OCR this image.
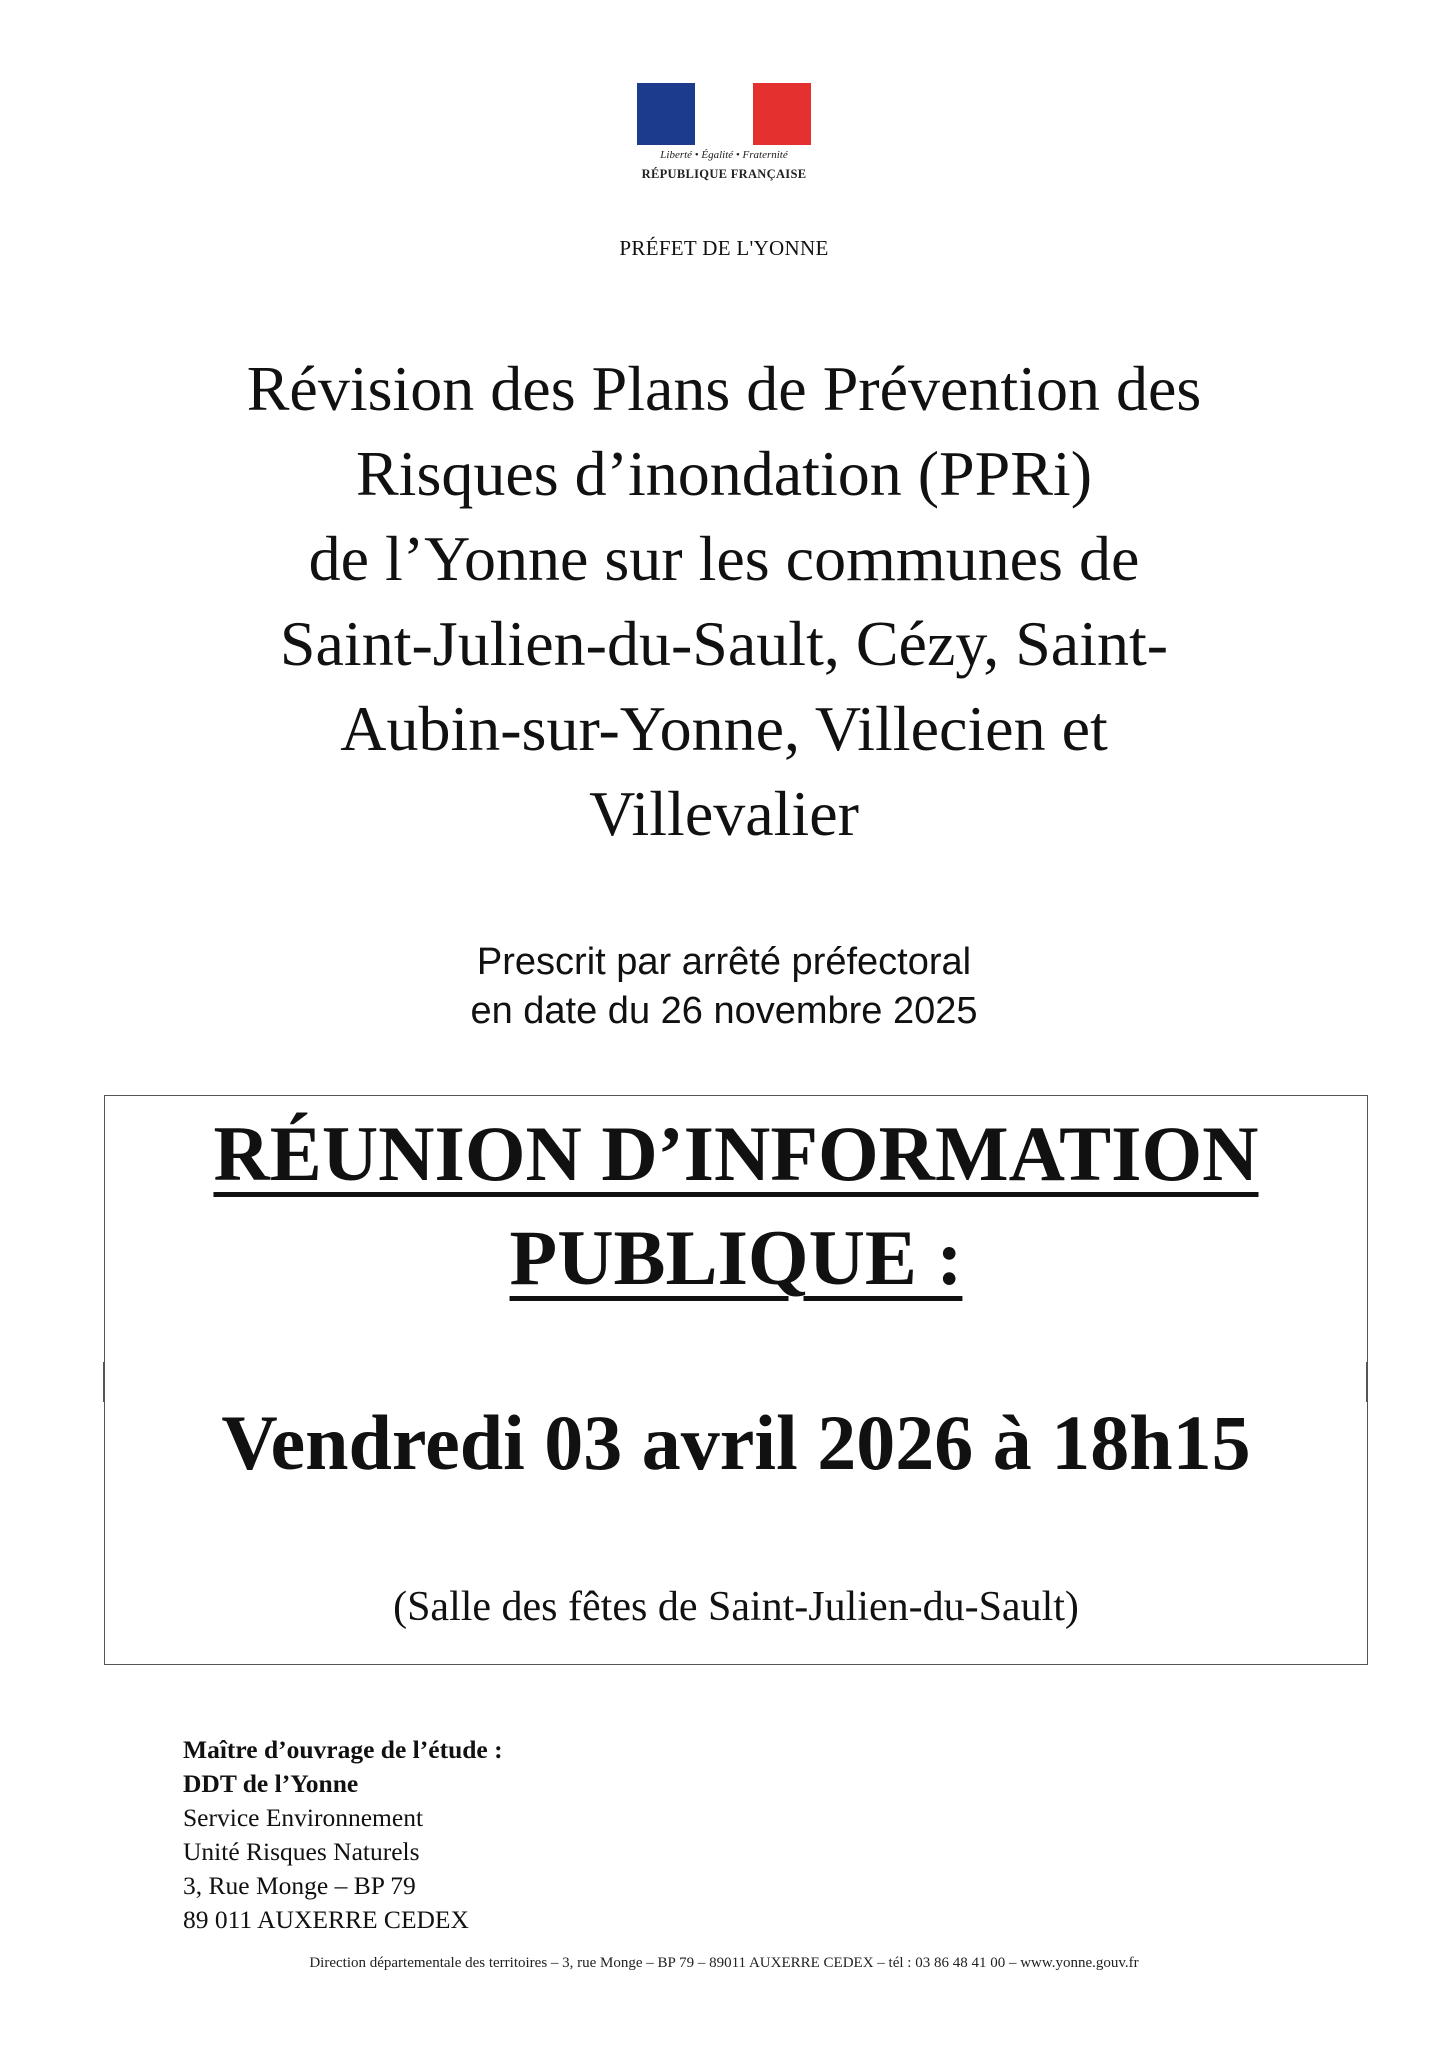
Liberté • Égalité • Fraternité
RÉPUBLIQUE FRANÇAISE
PRÉFET DE L'YONNE
Révision des Plans de Prévention des
Risques d’inondation (PPRi)
de l’Yonne sur les communes de
Saint-Julien-du-Sault, Cézy, Saint-
Aubin-sur-Yonne, Villecien et
Villevalier
Prescrit par arrêté préfectoral
en date du 26 novembre 2025
RÉUNION D’INFORMATION
PUBLIQUE :
Vendredi 03 avril 2026 à 18h15
(Salle des fêtes de Saint-Julien-du-Sault)
Maître d’ouvrage de l’étude :
DDT de l’Yonne
Service Environnement
Unité Risques Naturels
3, Rue Monge – BP 79
89 011 AUXERRE CEDEX
Direction départementale des territoires – 3, rue Monge – BP 79 – 89011 AUXERRE CEDEX – tél : 03 86 48 41 00 – www.yonne.gouv.fr
